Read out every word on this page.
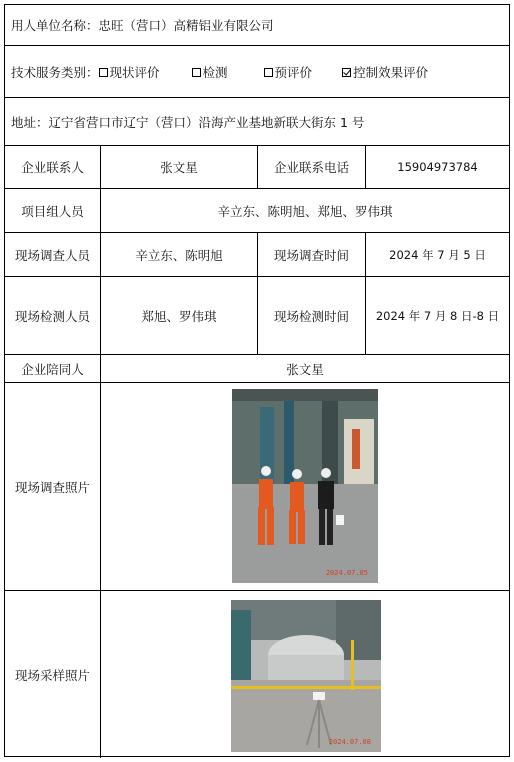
用人单位名称： 忠旺（营口）高精铝业有限公司
技术服务类别： 现状评价	检测	预评价	控制效果评价
地址： 辽宁省营口市辽宁（营口）沿海产业基地新联大街东 1 号
企业联系人	张文星	企业联系电话	15904973784
项目组人员	辛立东、陈明旭、郑旭、罗伟琪
现场调查人员	辛立东、陈明旭	现场调查时间	2024 年 7 月 5 日
现场检测人员	郑旭、罗伟琪	现场检测时间	2024 年 7 月 8 日-8 日
企业陪同人	张文星
现场调查照片
2024.07.05
现场采样照片
2024.07.08
